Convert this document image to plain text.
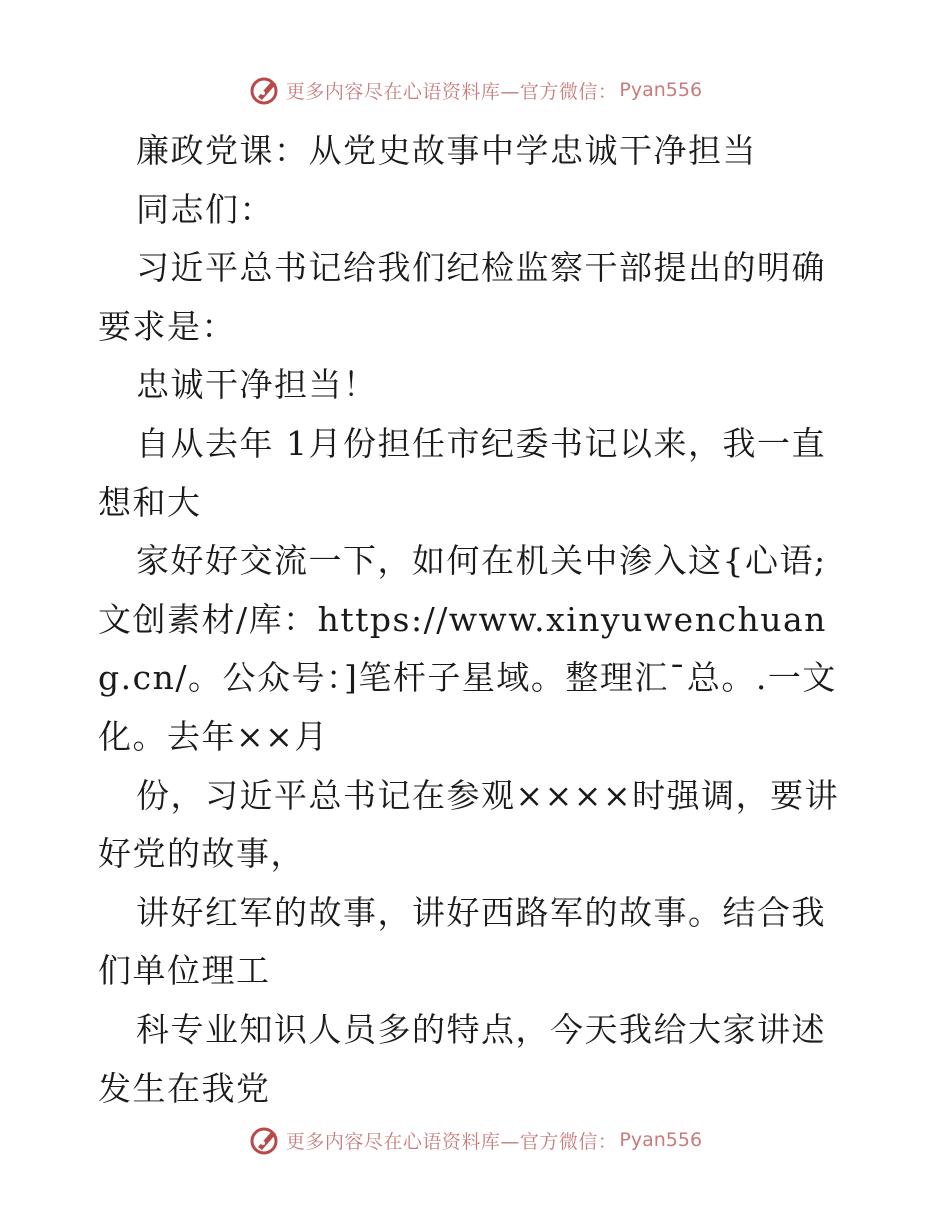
更多内容尽在心语资料库—官方微信： Pyan556

廉政党课：从党史故事中学忠诚干净担当

同志们：

习近平总书记给我们纪检监察干部提出的明确要求是：

忠诚干净担当！

自从去年 1月份担任市纪委书记以来，我一直想和大

家好好交流一下，如何在机关中渗入这{心语;文创素材/库：https://www.xinyuwenchuang.cn/。公众号：]笔杆子星域。整理汇¯总。.一文化。去年××月

份，习近平总书记在参观××××时强调，要讲好党的故事，

讲好红军的故事，讲好西路军的故事。结合我们单位理工

科专业知识人员多的特点，今天我给大家讲述发生在我党

更多内容尽在心语资料库—官方微信： Pyan556
